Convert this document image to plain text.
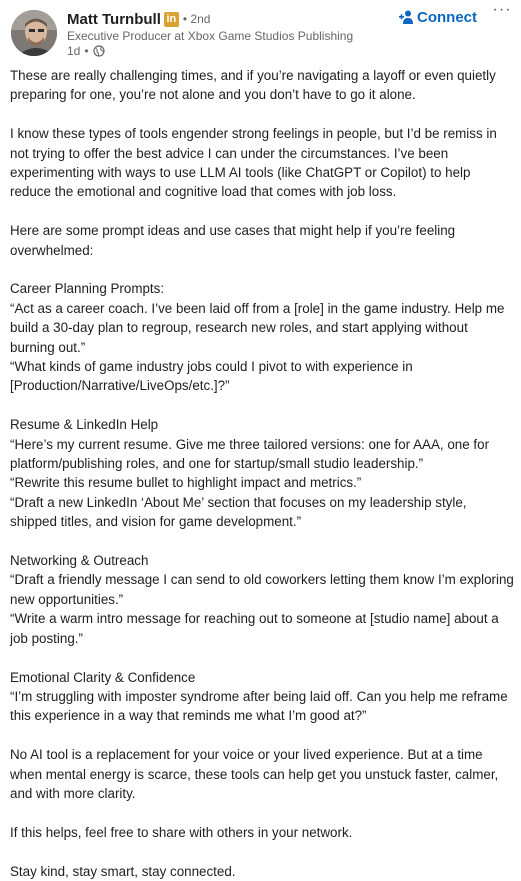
Matt Turnbull in • 2nd
Executive Producer at Xbox Game Studios Publishing
1d •
Connect ···

These are really challenging times, and if you’re navigating a layoff or even quietly preparing for one, you’re not alone and you don’t have to go it alone.

I know these types of tools engender strong feelings in people, but I’d be remiss in not trying to offer the best advice I can under the circumstances. I’ve been experimenting with ways to use LLM AI tools (like ChatGPT or Copilot) to help reduce the emotional and cognitive load that comes with job loss.

Here are some prompt ideas and use cases that might help if you’re feeling overwhelmed:

Career Planning Prompts:

“Act as a career coach. I’ve been laid off from a [role] in the game industry. Help me build a 30-day plan to regroup, research new roles, and start applying without burning out.”

“What kinds of game industry jobs could I pivot to with experience in [Production/Narrative/LiveOps/etc.]?”

Resume & LinkedIn Help

“Here’s my current resume. Give me three tailored versions: one for AAA, one for platform/publishing roles, and one for startup/small studio leadership.”

“Rewrite this resume bullet to highlight impact and metrics.”

“Draft a new LinkedIn ‘About Me’ section that focuses on my leadership style, shipped titles, and vision for game development.”

Networking & Outreach

“Draft a friendly message I can send to old coworkers letting them know I’m exploring new opportunities.”

“Write a warm intro message for reaching out to someone at [studio name] about a job posting.”

Emotional Clarity & Confidence

“I’m struggling with imposter syndrome after being laid off. Can you help me reframe this experience in a way that reminds me what I’m good at?”

No AI tool is a replacement for your voice or your lived experience. But at a time when mental energy is scarce, these tools can help get you unstuck faster, calmer, and with more clarity.

If this helps, feel free to share with others in your network.

Stay kind, stay smart, stay connected.
